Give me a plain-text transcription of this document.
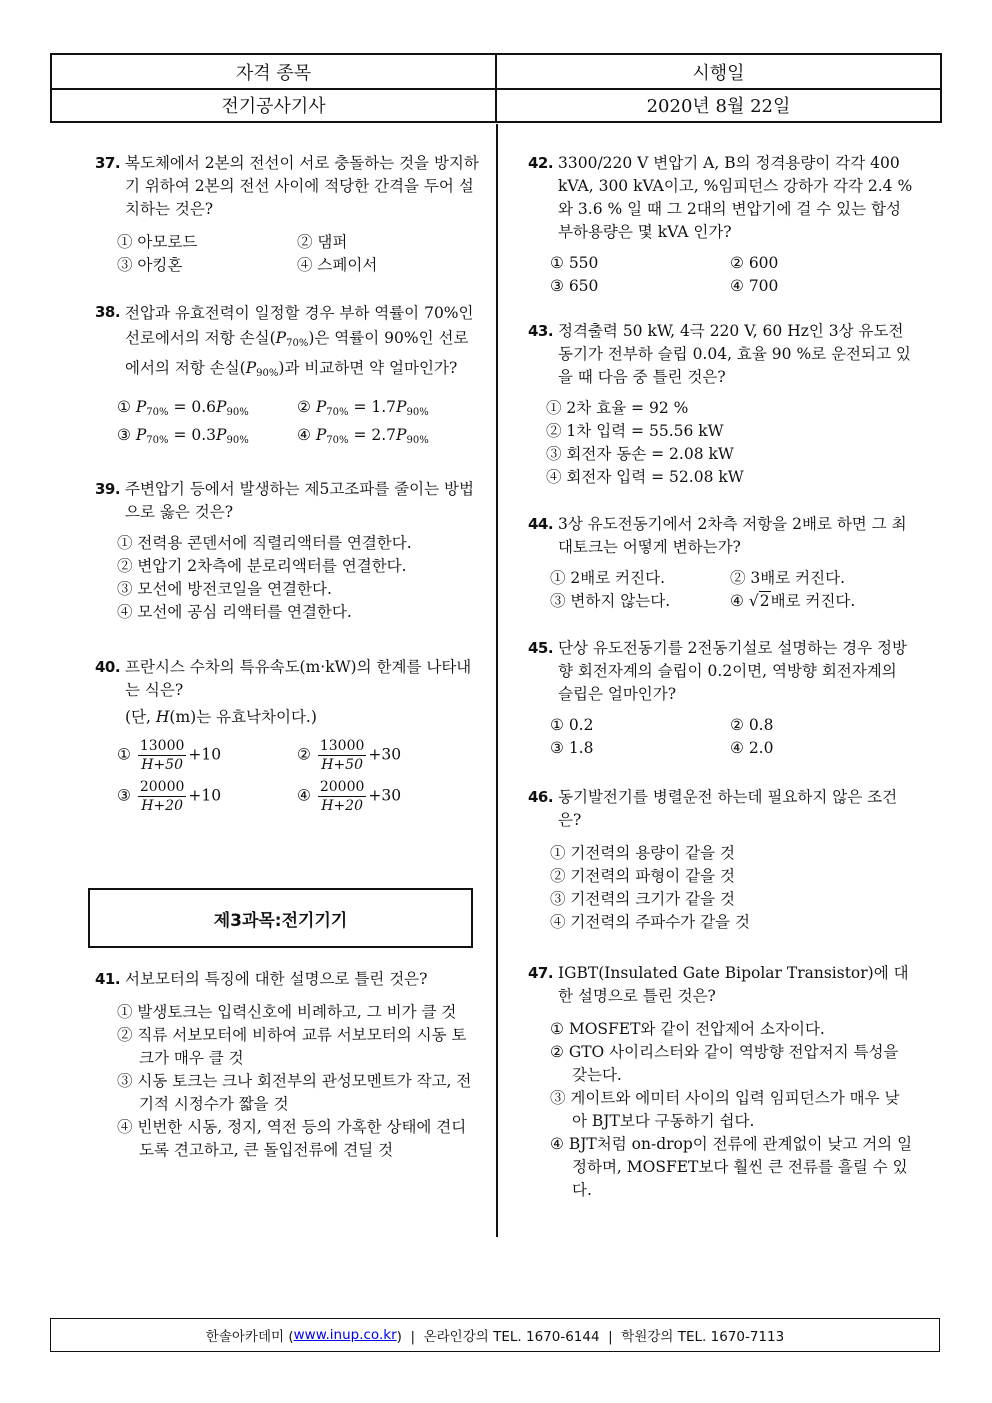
자격 종목	시행일
전기공사기사	2020년 8월 22일
37. 복도체에서 2본의 전선이 서로 충돌하는 것을 방지하기 위하여 2본의 전선 사이에 적당한 간격을 두어 설치하는 것은?
① 아모로드	② 댐퍼
③ 아킹혼	④ 스페이서
38. 전압과 유효전력이 일정할 경우 부하 역률이 70%인 선로에서의 저항 손실$(P_{70\%})$은 역률이 90%인 선로에서의 저항 손실$(P_{90\%})$과 비교하면 약 얼마인가?
① $P_{70\%} = 0.6P_{90\%}$	② $P_{70\%} = 1.7P_{90\%}$
③ $P_{70\%} = 0.3P_{90\%}$	④ $P_{70\%} = 2.7P_{90\%}$
39. 주변압기 등에서 발생하는 제5고조파를 줄이는 방법으로 옳은 것은?
① 전력용 콘덴서에 직렬리액터를 연결한다.
② 변압기 2차측에 분로리액터를 연결한다.
③ 모선에 방전코일을 연결한다.
④ 모선에 공심 리액터를 연결한다.
40. 프란시스 수차의 특유속도(m·kW)의 한계를 나타내는 식은?
(단, H(m)는 유효낙차이다.)
① $\frac{13000}{H+50} +10$	② $\frac{13000}{H+50} +30$
③ $\frac{20000}{H+20} +10$	④ $\frac{20000}{H+20} +30$
제3과목:전기기기
41. 서보모터의 특징에 대한 설명으로 틀린 것은?
① 발생토크는 입력신호에 비례하고, 그 비가 클 것
② 직류 서보모터에 비하여 교류 서보모터의 시동 토크가 매우 클 것
③ 시동 토크는 크나 회전부의 관성모멘트가 작고, 전기적 시정수가 짧을 것
④ 빈번한 시동, 정지, 역전 등의 가혹한 상태에 견디도록 견고하고, 큰 돌입전류에 견딜 것
42. 3300/220 V 변압기 A, B의 정격용량이 각각 400 kVA, 300 kVA이고, %임피던스 강하가 각각 2.4 % 와 3.6 % 일 때 그 2대의 변압기에 걸 수 있는 합성부하용량은 몇 kVA 인가?
① 550	② 600
③ 650	④ 700
43. 정격출력 50 kW, 4극 220 V, 60 Hz인 3상 유도전동기가 전부하 슬립 0.04, 효율 90 %로 운전되고 있을 때 다음 중 틀린 것은?
① 2차 효율 = 92 %
② 1차 입력 = 55.56 kW
③ 회전자 동손 = 2.08 kW
④ 회전자 입력 = 52.08 kW
44. 3상 유도전동기에서 2차측 저항을 2배로 하면 그 최대토크는 어떻게 변하는가?
① 2배로 커진다.	② 3배로 커진다.
③ 변하지 않는다.	④ √2배로 커진다.
45. 단상 유도전동기를 2전동기설로 설명하는 경우 정방향 회전자계의 슬립이 0.2이면, 역방향 회전자계의 슬립은 얼마인가?
① 0.2	② 0.8
③ 1.8	④ 2.0
46. 동기발전기를 병렬운전 하는데 필요하지 않은 조건은?
① 기전력의 용량이 같을 것
② 기전력의 파형이 같을 것
③ 기전력의 크기가 같을 것
④ 기전력의 주파수가 같을 것
47. IGBT(Insulated Gate Bipolar Transistor)에 대한 설명으로 틀린 것은?
① MOSFET와 같이 전압제어 소자이다.
② GTO 사이리스터와 같이 역방향 전압저지 특성을 갖는다.
③ 게이트와 에미터 사이의 입력 임피던스가 매우 낮아 BJT보다 구동하기 쉽다.
④ BJT처럼 on-drop이 전류에 관계없이 낮고 거의 일정하며, MOSFET보다 훨씬 큰 전류를 흘릴 수 있다.
한솔아카데미 ( www.inup.co.kr )  |  온라인강의 TEL. 1670-6144  |  학원강의 TEL. 1670-7113
